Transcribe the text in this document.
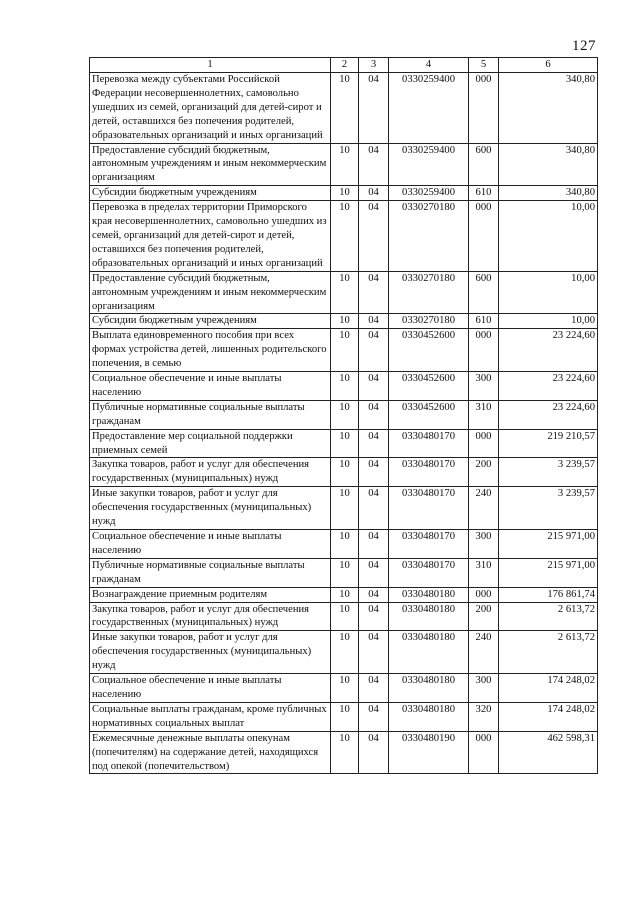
127
1	2	3	4	5	6
Перевозка между субъектами Российской Федерации несовершеннолетних, самовольно ушедших из семей, организаций для детей-сирот и детей, оставшихся без попечения родителей, образовательных организаций и иных организаций	10	04	0330259400	000	340,80
Предоставление субсидий бюджетным, автономным учреждениям и иным некоммерческим организациям	10	04	0330259400	600	340,80
Субсидии бюджетным учреждениям	10	04	0330259400	610	340,80
Перевозка в пределах территории Приморского края несовершеннолетних, самовольно ушедших из семей, организаций для детей-сирот и детей, оставшихся без попечения родителей, образовательных организаций и иных организаций	10	04	0330270180	000	10,00
Предоставление субсидий бюджетным, автономным учреждениям и иным некоммерческим организациям	10	04	0330270180	600	10,00
Субсидии бюджетным учреждениям	10	04	0330270180	610	10,00
Выплата единовременного пособия при всех формах устройства детей, лишенных родительского попечения, в семью	10	04	0330452600	000	23 224,60
Социальное обеспечение и иные выплаты населению	10	04	0330452600	300	23 224,60
Публичные нормативные социальные выплаты гражданам	10	04	0330452600	310	23 224,60
Предоставление мер социальной поддержки приемных семей	10	04	0330480170	000	219 210,57
Закупка товаров, работ и услуг для обеспечения государственных (муниципальных) нужд	10	04	0330480170	200	3 239,57
Иные закупки товаров, работ и услуг для обеспечения государственных (муниципальных) нужд	10	04	0330480170	240	3 239,57
Социальное обеспечение и иные выплаты населению	10	04	0330480170	300	215 971,00
Публичные нормативные социальные выплаты гражданам	10	04	0330480170	310	215 971,00
Вознаграждение приемным родителям	10	04	0330480180	000	176 861,74
Закупка товаров, работ и услуг для обеспечения государственных (муниципальных) нужд	10	04	0330480180	200	2 613,72
Иные закупки товаров, работ и услуг для обеспечения государственных (муниципальных) нужд	10	04	0330480180	240	2 613,72
Социальное обеспечение и иные выплаты населению	10	04	0330480180	300	174 248,02
Социальные выплаты гражданам, кроме публичных нормативных социальных выплат	10	04	0330480180	320	174 248,02
Ежемесячные денежные выплаты опекунам (попечителям) на содержание детей, находящихся под опекой (попечительством)	10	04	0330480190	000	462 598,31
